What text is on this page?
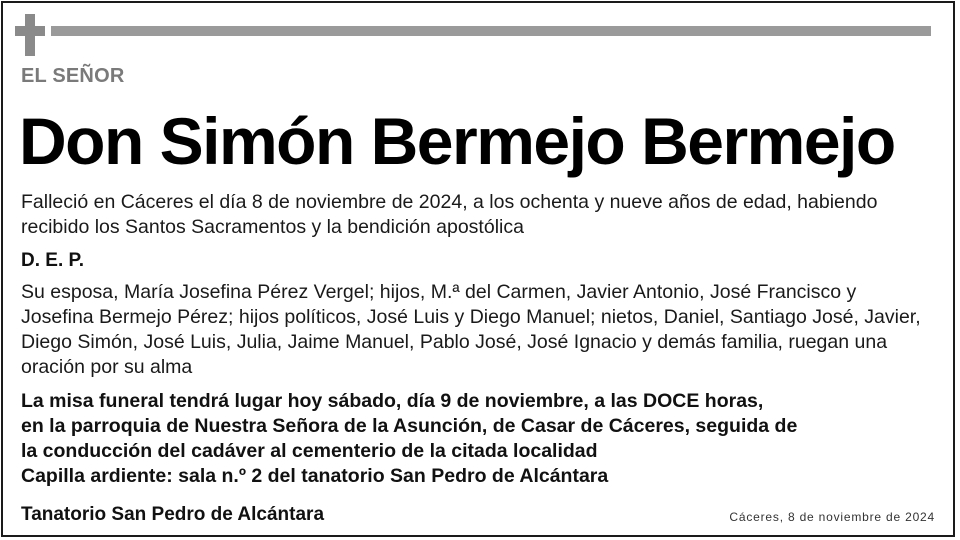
EL SEÑOR
Don Simón Bermejo Bermejo
Falleció en Cáceres el día 8 de noviembre de 2024, a los ochenta y nueve años de edad, habiendo recibido los Santos Sacramentos y la bendición apostólica
D. E. P.
Su esposa, María Josefina Pérez Vergel; hijos, M.ª del Carmen, Javier Antonio, José Francisco y Josefina Bermejo Pérez; hijos políticos, José Luis y Diego Manuel; nietos, Daniel, Santiago José, Javier, Diego Simón, José Luis, Julia, Jaime Manuel, Pablo José, José Ignacio y demás familia, ruegan una oración por su alma
La misa funeral tendrá lugar hoy sábado, día 9 de noviembre, a las DOCE horas,
en la parroquia de Nuestra Señora de la Asunción, de Casar de Cáceres, seguida de
la conducción del cadáver al cementerio de la citada localidad
Capilla ardiente: sala n.º 2 del tanatorio San Pedro de Alcántara
Tanatorio San Pedro de Alcántara	Cáceres, 8 de noviembre de 2024
